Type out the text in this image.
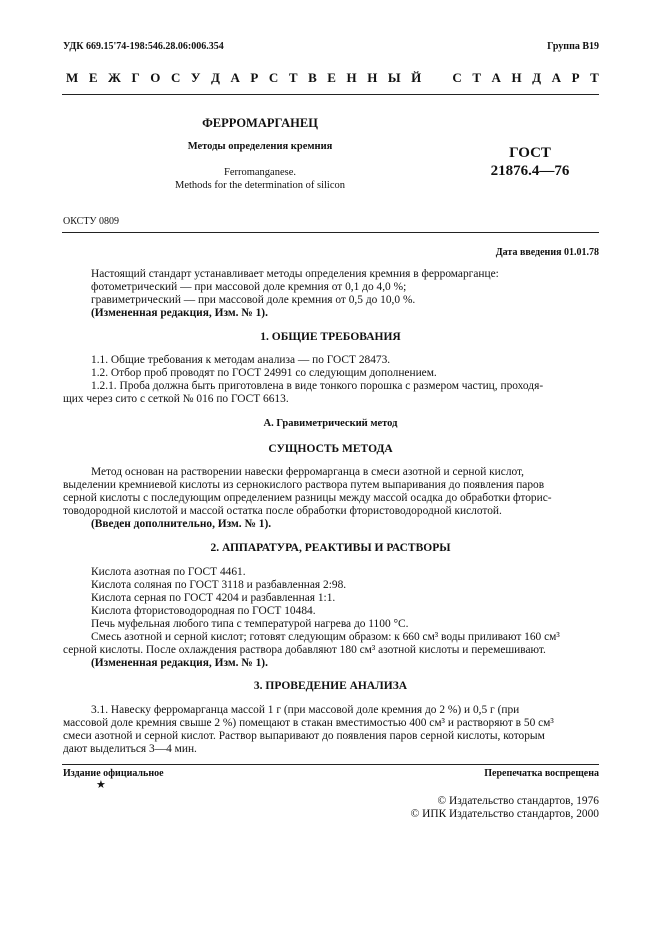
УДК 669.15'74-198:546.28.06:006.354	Группа В19
М Е Ж Г О С У Д А Р С Т В Е Н Н Ы Й С Т А Н Д А Р Т
ФЕРРОМАРГАНЕЦ
Методы определения кремния
Ferromanganese.
Methods for the determination of silicon
ГОСТ
21876.4—76
ОКСТУ 0809
Дата введения 01.01.78
Настоящий стандарт устанавливает методы определения кремния в ферромарганце:
фотометрический — при массовой доле кремния от 0,1 до 4,0 %;
гравиметрический — при массовой доле кремния от 0,5 до 10,0 %.
(Измененная редакция, Изм. № 1).
1. ОБЩИЕ ТРЕБОВАНИЯ
1.1. Общие требования к методам анализа — по ГОСТ 28473.
1.2. Отбор проб проводят по ГОСТ 24991 со следующим дополнением.
1.2.1. Проба должна быть приготовлена в виде тонкого порошка с размером частиц, проходя-
щих через сито с сеткой № 016 по ГОСТ 6613.
А. Гравиметрический метод
СУЩНОСТЬ МЕТОДА
Метод основан на растворении навески ферромарганца в смеси азотной и серной кислот,
выделении кремниевой кислоты из сернокислого раствора путем выпаривания до появления паров
серной кислоты с последующим определением разницы между массой осадка до обработки фторис-
товодородной кислотой и массой остатка после обработки фтористоводородной кислотой.
(Введен дополнительно, Изм. № 1).
2. АППАРАТУРА, РЕАКТИВЫ И РАСТВОРЫ
Кислота азотная по ГОСТ 4461.
Кислота соляная по ГОСТ 3118 и разбавленная 2:98.
Кислота серная по ГОСТ 4204 и разбавленная 1:1.
Кислота фтористоводородная по ГОСТ 10484.
Печь муфельная любого типа с температурой нагрева до 1100 °С.
Смесь азотной и серной кислот; готовят следующим образом: к 660 см³ воды приливают 160 см³
серной кислоты. После охлаждения раствора добавляют 180 см³ азотной кислоты и перемешивают.
(Измененная редакция, Изм. № 1).
3. ПРОВЕДЕНИЕ АНАЛИЗА
3.1. Навеску ферромарганца массой 1 г (при массовой доле кремния до 2 %) и 0,5 г (при
массовой доле кремния свыше 2 %) помещают в стакан вместимостью 400 см³ и растворяют в 50 см³
смеси азотной и серной кислот. Раствор выпаривают до появления паров серной кислоты, которым
дают выделиться 3—4 мин.
Издание официальное	Перепечатка воспрещена
★
© Издательство стандартов, 1976
© ИПК Издательство стандартов, 2000
